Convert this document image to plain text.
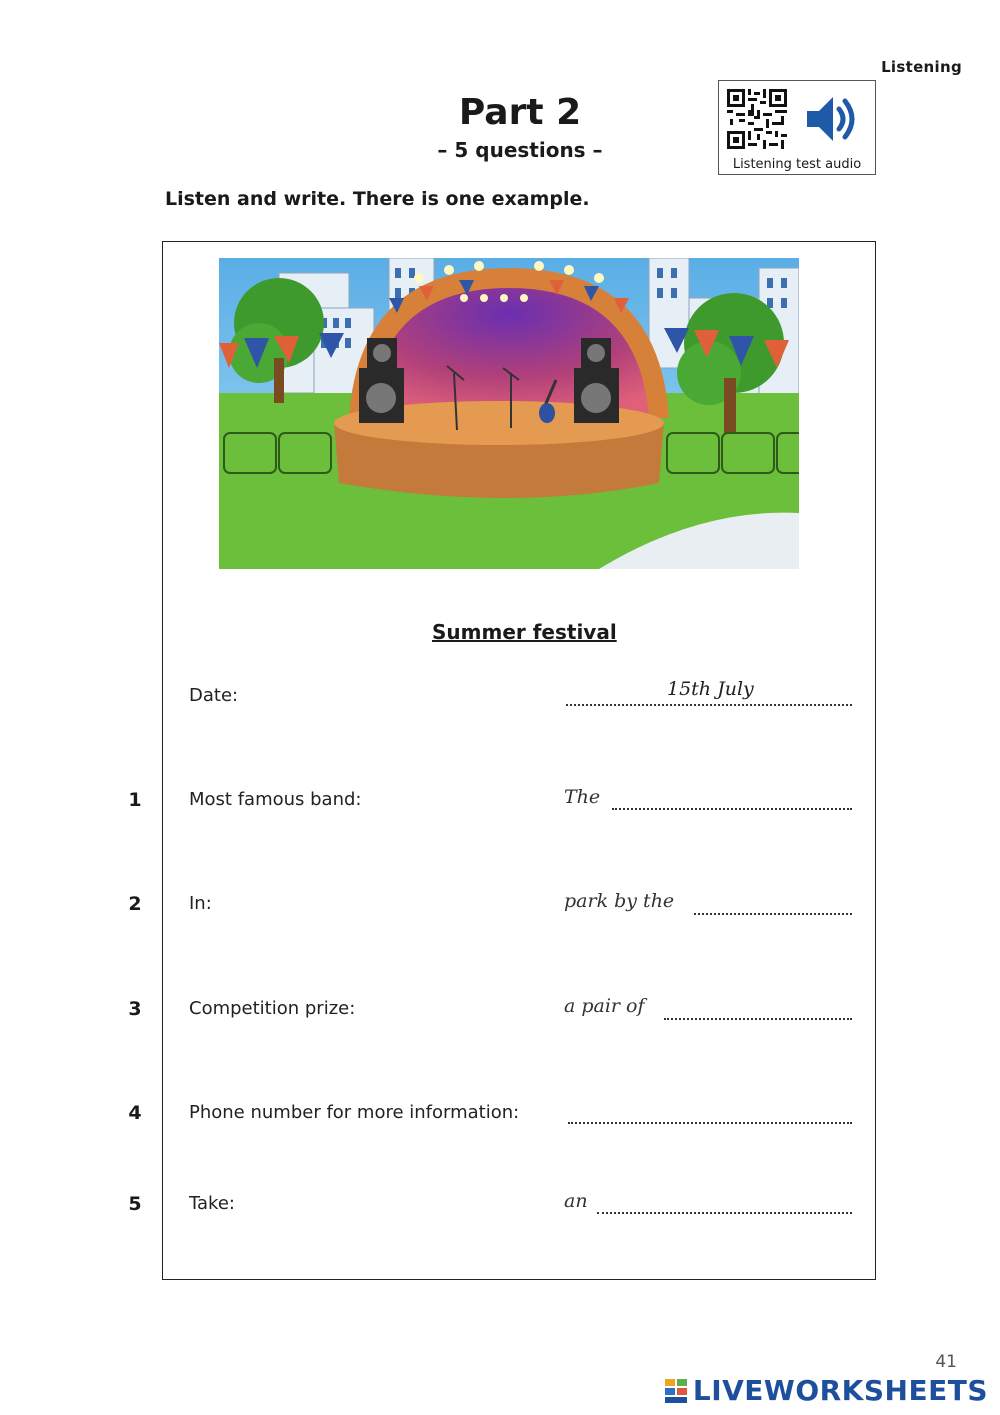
Listening
Part 2
– 5 questions –
Listening test audio
Listen and write. There is one example.
Summer festival
Date:	15th July
1	Most famous band:	The
2	In:	park by the
3	Competition prize:	a pair of
4	Phone number for more information:
5	Take:	an
41
LIVEWORKSHEETS
